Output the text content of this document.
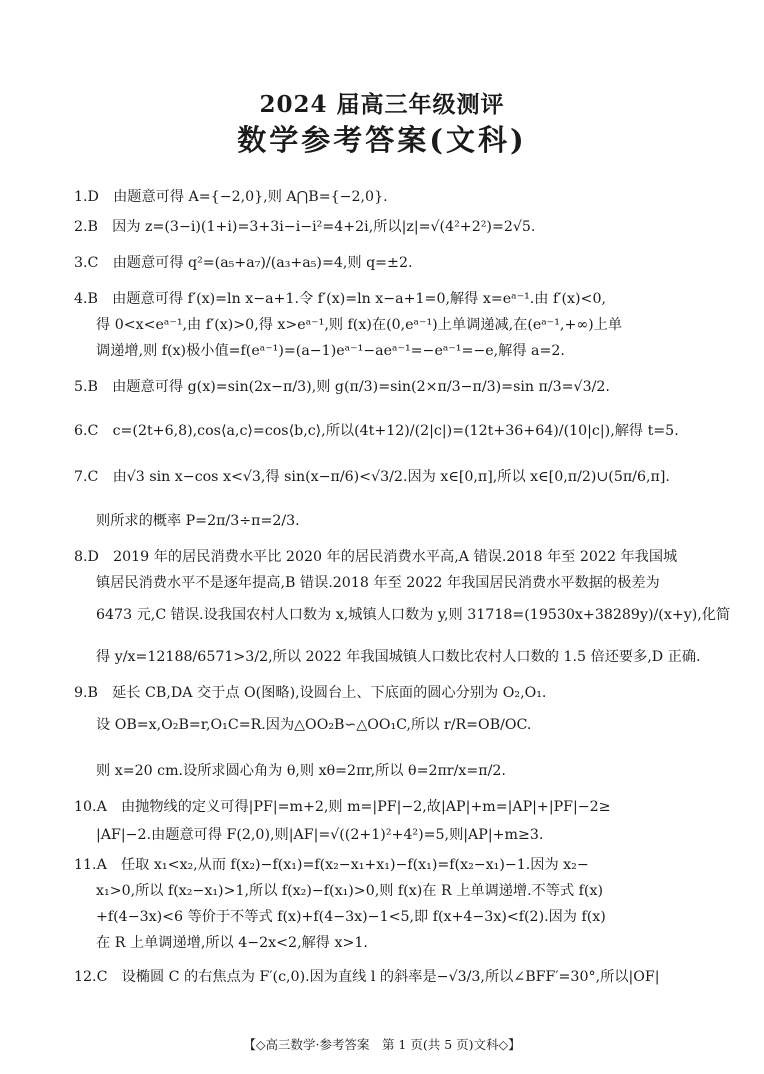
2024 届高三年级测评
数学参考答案(文科)
1.D　由题意可得 A={−2,0},则 A⋂B={−2,0}.
2.B　因为 z=(3−i)(1+i)=3+3i−i−i²=4+2i,所以|z|=√(4²+2²)=2√5.
3.C　由题意可得 q²=(a₅+a₇)/(a₃+a₅)=4,则 q=±2.
4.B　由题意可得 f′(x)=ln x−a+1.令 f′(x)=ln x−a+1=0,解得 x=eᵃ⁻¹.由 f′(x)<0,
得 0<x<eᵃ⁻¹,由 f′(x)>0,得 x>eᵃ⁻¹,则 f(x)在(0,eᵃ⁻¹)上单调递减,在(eᵃ⁻¹,+∞)上单
调递增,则 f(x)极小值=f(eᵃ⁻¹)=(a−1)eᵃ⁻¹−aeᵃ⁻¹=−eᵃ⁻¹=−e,解得 a=2.
5.B　由题意可得 g(x)=sin(2x−π/3),则 g(π/3)=sin(2×π/3−π/3)=sin π/3=√3/2.
6.C　c=(2t+6,8),cos⟨a,c⟩=cos⟨b,c⟩,所以(4t+12)/(2|c|)=(12t+36+64)/(10|c|),解得 t=5.
7.C　由√3 sin x−cos x<√3,得 sin(x−π/6)<√3/2.因为 x∈[0,π],所以 x∈[0,π/2)∪(5π/6,π].
则所求的概率 P=2π/3÷π=2/3.
8.D　2019 年的居民消费水平比 2020 年的居民消费水平高,A 错误.2018 年至 2022 年我国城
镇居民消费水平不是逐年提高,B 错误.2018 年至 2022 年我国居民消费水平数据的极差为
6473 元,C 错误.设我国农村人口数为 x,城镇人口数为 y,则 31718=(19530x+38289y)/(x+y),化简
得 y/x=12188/6571>3/2,所以 2022 年我国城镇人口数比农村人口数的 1.5 倍还要多,D 正确.
9.B　延长 CB,DA 交于点 O(图略),设圆台上、下底面的圆心分别为 O₂,O₁.
设 OB=x,O₂B=r,O₁C=R.因为△OO₂B∽△OO₁C,所以 r/R=OB/OC.
则 x=20 cm.设所求圆心角为 θ,则 xθ=2πr,所以 θ=2πr/x=π/2.
10.A　由抛物线的定义可得|PF|=m+2,则 m=|PF|−2,故|AP|+m=|AP|+|PF|−2≥
|AF|−2.由题意可得 F(2,0),则|AF|=√((2+1)²+4²)=5,则|AP|+m≥3.
11.A　任取 x₁<x₂,从而 f(x₂)−f(x₁)=f(x₂−x₁+x₁)−f(x₁)=f(x₂−x₁)−1.因为 x₂−
x₁>0,所以 f(x₂−x₁)>1,所以 f(x₂)−f(x₁)>0,则 f(x)在 R 上单调递增.不等式 f(x)
+f(4−3x)<6 等价于不等式 f(x)+f(4−3x)−1<5,即 f(x+4−3x)<f(2).因为 f(x)
在 R 上单调递增,所以 4−2x<2,解得 x>1.
12.C　设椭圆 C 的右焦点为 F′(c,0).因为直线 l 的斜率是−√3/3,所以∠BFF′=30°,所以|OF|
【◇高三数学·参考答案　第 1 页(共 5 页)文科◇】
